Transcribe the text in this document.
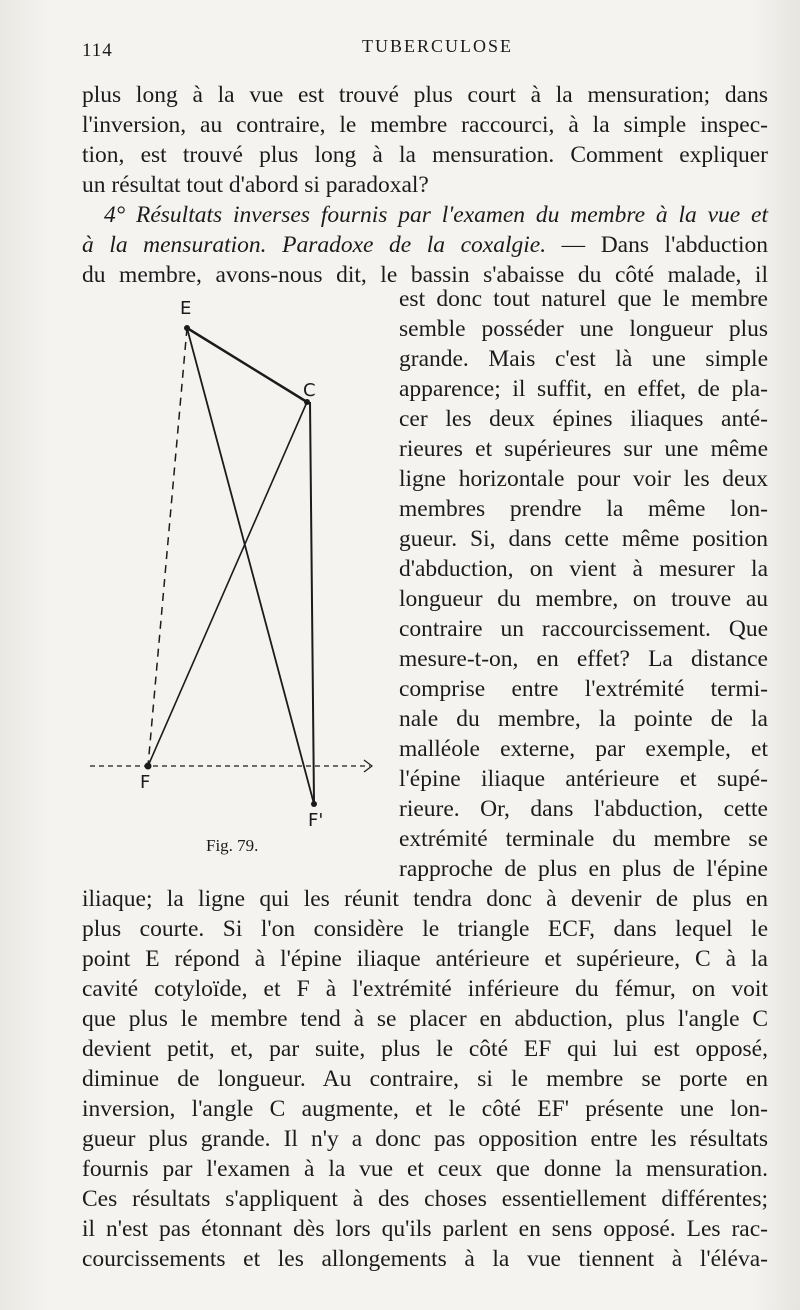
114	TUBERCULOSE
plus long à la vue est trouvé plus court à la mensuration; dans
l'inversion, au contraire, le membre raccourci, à la simple inspec-
tion, est trouvé plus long à la mensuration. Comment expliquer
un résultat tout d'abord si paradoxal?
4° Résultats inverses fournis par l'examen du membre à la vue et
à la mensuration. Paradoxe de la coxalgie. — Dans l'abduction
du membre, avons-nous dit, le bassin s'abaisse du côté malade, il
E
C
F
F'
Fig. 79.
est donc tout naturel que le membre
semble posséder une longueur plus
grande. Mais c'est là une simple
apparence; il suffit, en effet, de pla-
cer les deux épines iliaques anté-
rieures et supérieures sur une même
ligne horizontale pour voir les deux
membres prendre la même lon-
gueur. Si, dans cette même position
d'abduction, on vient à mesurer la
longueur du membre, on trouve au
contraire un raccourcissement. Que
mesure-t-on, en effet? La distance
comprise entre l'extrémité termi-
nale du membre, la pointe de la
malléole externe, par exemple, et
l'épine iliaque antérieure et supé-
rieure. Or, dans l'abduction, cette
extrémité terminale du membre se
rapproche de plus en plus de l'épine
iliaque; la ligne qui les réunit tendra donc à devenir de plus en
plus courte. Si l'on considère le triangle ECF, dans lequel le
point E répond à l'épine iliaque antérieure et supérieure, C à la
cavité cotyloïde, et F à l'extrémité inférieure du fémur, on voit
que plus le membre tend à se placer en abduction, plus l'angle C
devient petit, et, par suite, plus le côté EF qui lui est opposé,
diminue de longueur. Au contraire, si le membre se porte en
inversion, l'angle C augmente, et le côté EF' présente une lon-
gueur plus grande. Il n'y a donc pas opposition entre les résultats
fournis par l'examen à la vue et ceux que donne la mensuration.
Ces résultats s'appliquent à des choses essentiellement différentes;
il n'est pas étonnant dès lors qu'ils parlent en sens opposé. Les rac-
courcissements et les allongements à la vue tiennent à l'éléva-
